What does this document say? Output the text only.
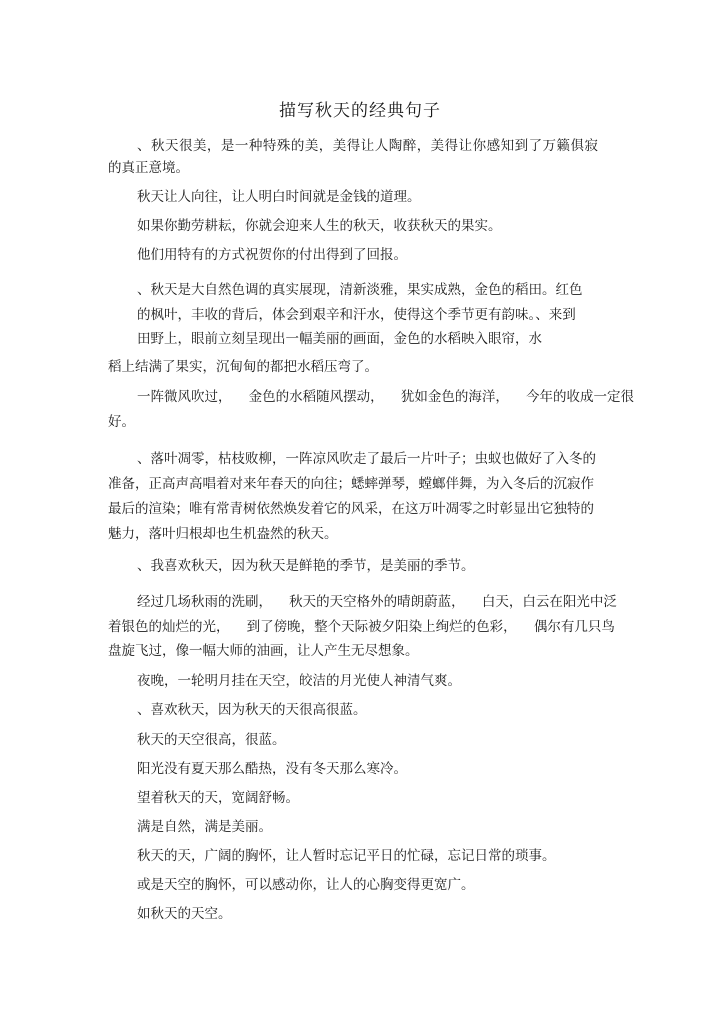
描写秋天的经典句子
、 秋 天 很 美 ， 是 一 种 特 殊 的 美 ， 美 得 让 人 陶 醉 ， 美 得 让 你 感 知 到 了 万 籁 俱 寂
的真正意境。
秋天让人向往，让人明白时间就是金钱的道理。
如果你勤劳耕耘，你就会迎来人生的秋天，收获秋天的果实。
他们用特有的方式祝贺你的付出得到了回报。
、秋天是大自然色调的真实展现，清新淡雅，果实成熟，金色的稻田。红色
的枫叶，丰收的背后，体会到艰辛和汗水，使得这个季节更有韵味。、来到
田野上，眼前立刻呈现出一幅美丽的画面，金色的水稻映入眼帘，水
稻上结满了果实，沉甸甸的都把水稻压弯了。
一阵微风吹过，    金色的水稻随风摆动，    犹如金色的海洋，    今年的收成一定很
好。
、落叶凋零，枯枝败柳，一阵凉风吹走了最后一片叶子；虫蚁也做好了入冬的
准备，正高声高唱着对来年春天的向往；蟋蟀弹琴，螳螂伴舞，为入冬后的沉寂作
最后的渲染；唯有常青树依然焕发着它的风采，在这万叶凋零之时彰显出它独特的
魅力，落叶归根却也生机盎然的秋天。
、我喜欢秋天，因为秋天是鲜艳的季节，是美丽的季节。
经过几场秋雨的洗刷，    秋天的天空格外的晴朗蔚蓝，    白天，白云在阳光中泛
着银色的灿烂的光，    到了傍晚，整个天际被夕阳染上绚烂的色彩，    偶尔有几只鸟
盘旋飞过，像一幅大师的油画，让人产生无尽想象。
夜晚，一轮明月挂在天空，皎洁的月光使人神清气爽。
、喜欢秋天，因为秋天的天很高很蓝。
秋天的天空很高，很蓝。
阳光没有夏天那么酷热，没有冬天那么寒冷。
望着秋天的天，宽阔舒畅。
满是自然，满是美丽。
秋天的天，广阔的胸怀，让人暂时忘记平日的忙碌，忘记日常的琐事。
或是天空的胸怀，可以感动你，让人的心胸变得更宽广。
如秋天的天空。
